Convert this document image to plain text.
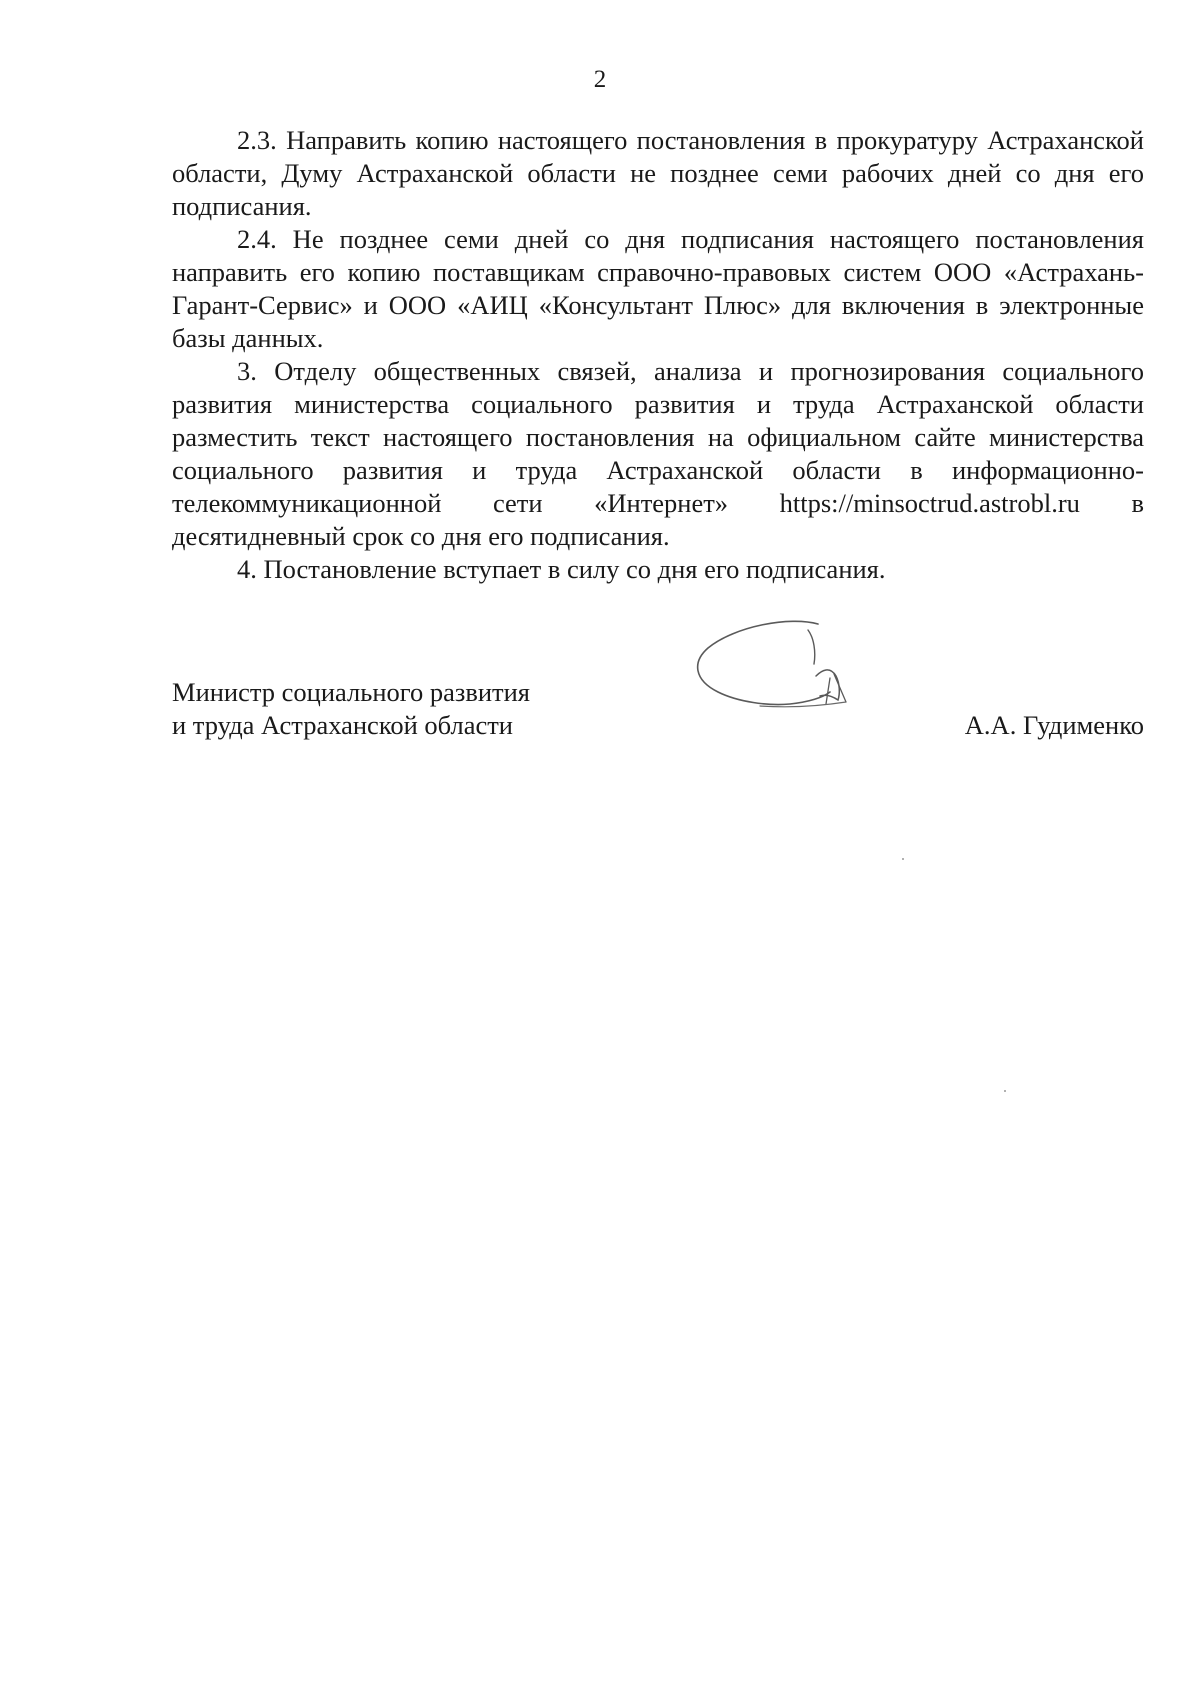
2

2.3. Направить копию настоящего постановления в прокуратуру Астраханской области, Думу Астраханской области не позднее семи рабочих дней со дня его подписания.

2.4. Не позднее семи дней со дня подписания настоящего постановления направить его копию поставщикам справочно-правовых систем ООО «Астрахань-Гарант-Сервис» и ООО «АИЦ «Консультант Плюс» для включения в электронные базы данных.

3. Отделу общественных связей, анализа и прогнозирования социального развития министерства социального развития и труда Астраханской области разместить текст настоящего постановления на официальном сайте министерства социального развития и труда Астраханской области в информационно-телекоммуникационной сети «Интернет» https://minsoctrud.astrobl.ru в десятидневный срок со дня его подписания.

4. Постановление вступает в силу со дня его подписания.

Министр социального развития
и труда Астраханской области	А.А. Гудименко
